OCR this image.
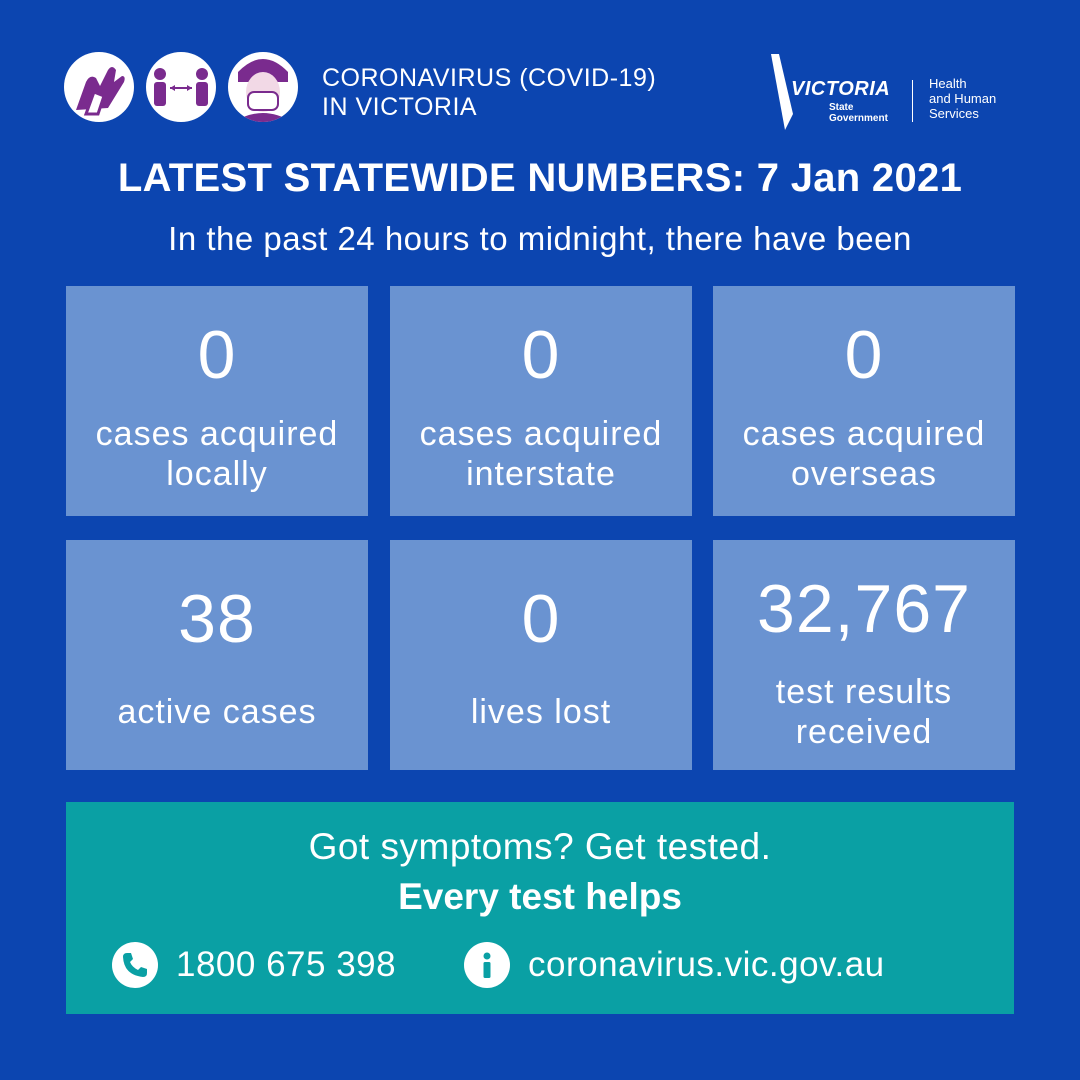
CORONAVIRUS (COVID-19)
IN VICTORIA
VICTORIA
State
Government
Health
and Human
Services
LATEST STATEWIDE NUMBERS: 7 Jan 2021
In the past 24 hours to midnight, there have been
0
cases acquired
locally
0
cases acquired
interstate
0
cases acquired
overseas
38
active cases
0
lives lost
32,767
test results
received
Got symptoms? Get tested.
Every test helps
1800 675 398	coronavirus.vic.gov.au
